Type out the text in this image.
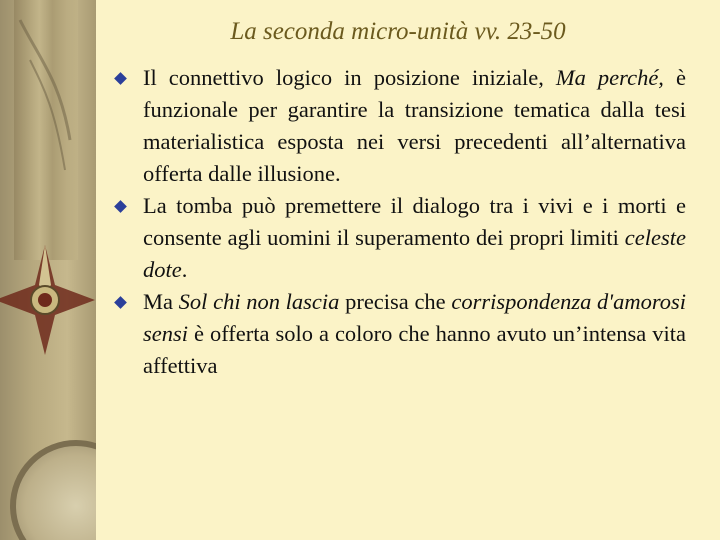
La seconda micro-unità vv. 23-50
Il connettivo logico in posizione iniziale, Ma perché, è funzionale per garantire la transizione tematica dalla tesi materialistica esposta nei versi precedenti all’alternativa offerta dalle illusione.
La tomba può premettere il dialogo tra i vivi e i morti e consente agli uomini il superamento dei propri limiti celeste dote.
Ma Sol chi non lascia precisa che corrispondenza d'amorosi sensi è offerta solo a coloro che hanno avuto un’intensa vita affettiva
